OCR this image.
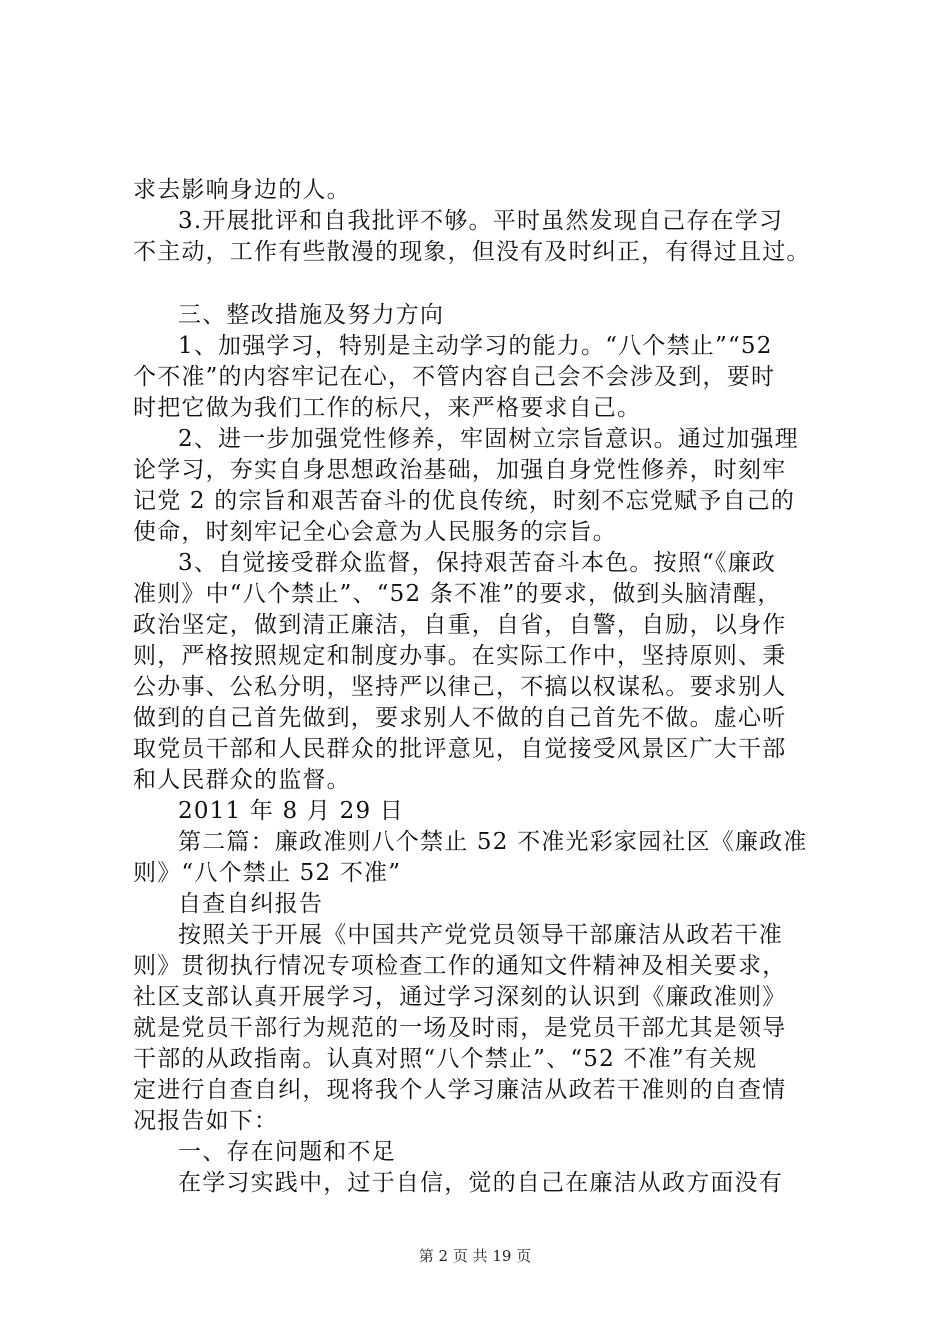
求去影响身边的人。
3.开展批评和自我批评不够。平时虽然发现自己存在学习
不主动，工作有些散漫的现象，但没有及时纠正，有得过且过。
三、整改措施及努力方向
1、加强学习，特别是主动学习的能力。“八个禁止”“52
个不准”的内容牢记在心，不管内容自己会不会涉及到，要时
时把它做为我们工作的标尺，来严格要求自己。
2、进一步加强党性修养，牢固树立宗旨意识。通过加强理
论学习，夯实自身思想政治基础，加强自身党性修养，时刻牢
记党 2 的宗旨和艰苦奋斗的优良传统，时刻不忘党赋予自己的
使命，时刻牢记全心会意为人民服务的宗旨。
3、自觉接受群众监督，保持艰苦奋斗本色。按照“《廉政
准则》中“八个禁止”、“52 条不准”的要求，做到头脑清醒，
政治坚定，做到清正廉洁，自重，自省，自警，自励，以身作
则，严格按照规定和制度办事。在实际工作中，坚持原则、秉
公办事、公私分明，坚持严以律己，不搞以权谋私。要求别人
做到的自己首先做到，要求别人不做的自己首先不做。虚心听
取党员干部和人民群众的批评意见，自觉接受风景区广大干部
和人民群众的监督。
2011 年 8 月 29 日
第二篇：廉政准则八个禁止 52 不准光彩家园社区《廉政准
则》“八个禁止 52 不准”
自查自纠报告
按照关于开展《中国共产党党员领导干部廉洁从政若干准
则》贯彻执行情况专项检查工作的通知文件精神及相关要求，
社区支部认真开展学习，通过学习深刻的认识到《廉政准则》
就是党员干部行为规范的一场及时雨，是党员干部尤其是领导
干部的从政指南。认真对照“八个禁止”、“52 不准”有关规
定进行自查自纠，现将我个人学习廉洁从政若干准则的自查情
况报告如下：
一、存在问题和不足
在学习实践中，过于自信，觉的自己在廉洁从政方面没有
第 2 页 共 19 页
